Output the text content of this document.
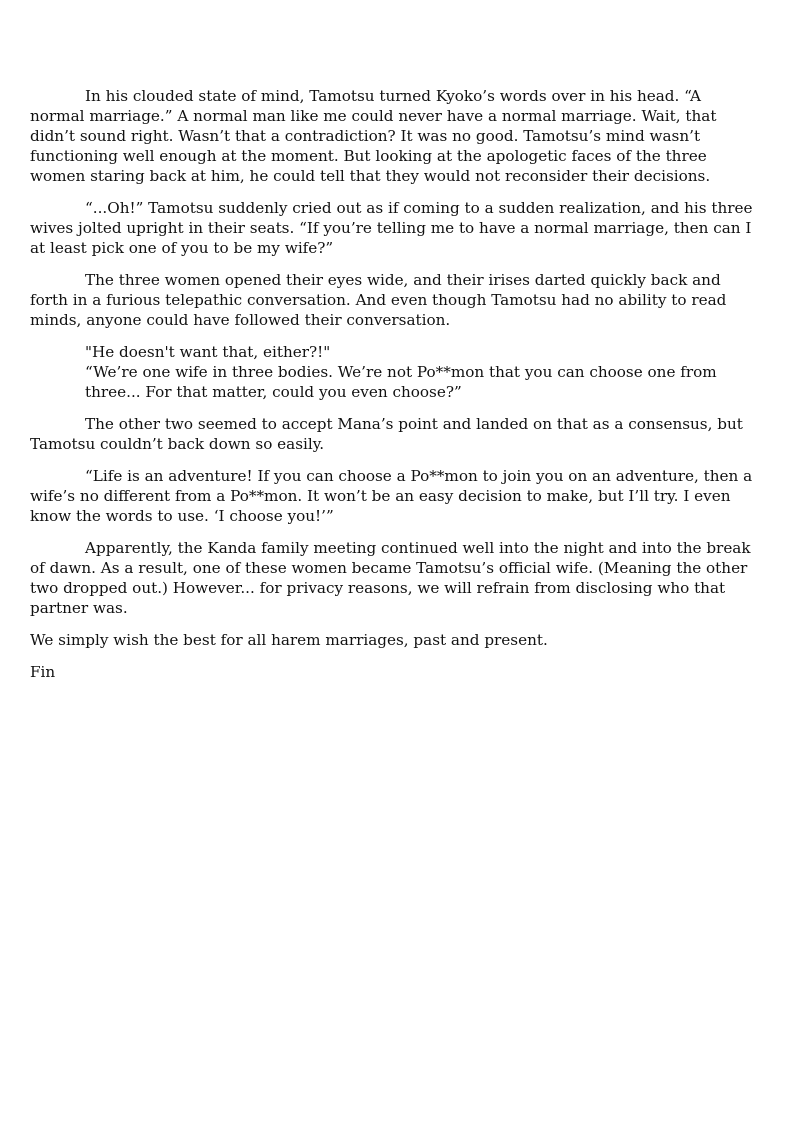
In his clouded state of mind, Tamotsu turned Kyoko’s words over in his head. “A normal marriage.” A normal man like me could never have a normal marriage. Wait, that didn’t sound right. Wasn’t that a contradiction? It was no good. Tamotsu’s mind wasn’t functioning well enough at the moment. But looking at the apologetic faces of the three women staring back at him, he could tell that they would not reconsider their decisions.

“...Oh!” Tamotsu suddenly cried out as if coming to a sudden realization, and his three wives jolted upright in their seats. “If you’re telling me to have a normal marriage, then can I at least pick one of you to be my wife?”

The three women opened their eyes wide, and their irises darted quickly back and forth in a furious telepathic conversation. And even though Tamotsu had no ability to read minds, anyone could have followed their conversation.

"He doesn't want that, either?!"
“We’re one wife in three bodies. We’re not Po**mon that you can choose one from three... For that matter, could you even choose?”

The other two seemed to accept Mana’s point and landed on that as a consensus, but Tamotsu couldn’t back down so easily.

“Life is an adventure! If you can choose a Po**mon to join you on an adventure, then a wife’s no different from a Po**mon. It won’t be an easy decision to make, but I’ll try. I even know the words to use. ‘I choose you!’”

Apparently, the Kanda family meeting continued well into the night and into the break of dawn. As a result, one of these women became Tamotsu’s official wife. (Meaning the other two dropped out.) However... for privacy reasons, we will refrain from disclosing who that partner was.

We simply wish the best for all harem marriages, past and present.

Fin
